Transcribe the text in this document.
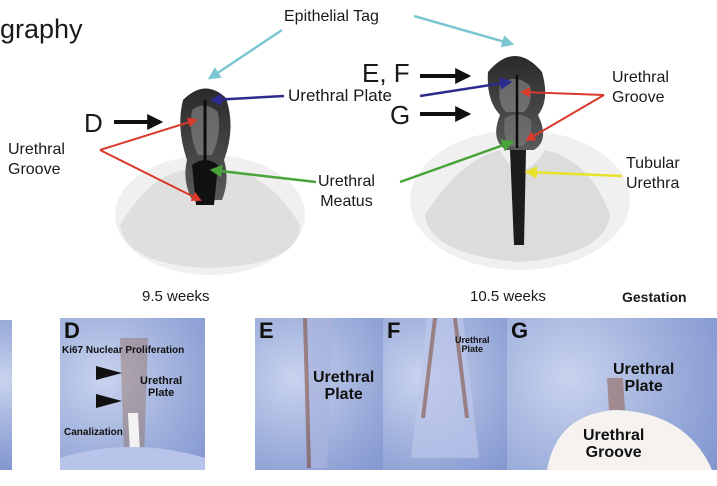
graphy	Epithelial Tag
Urethral Plate
Urethral
Groove
Urethral
Groove
Urethral
Meatus
Tubular
Urethra
D
E, F
G
9.5 weeks	10.5 weeks	Gestation
D
Ki67 Nuclear Proliferation
Urethral
Plate
Canalization
E
Urethral
Plate
F	Urethral
Plate
G
Urethral
Plate
Urethral
Groove
